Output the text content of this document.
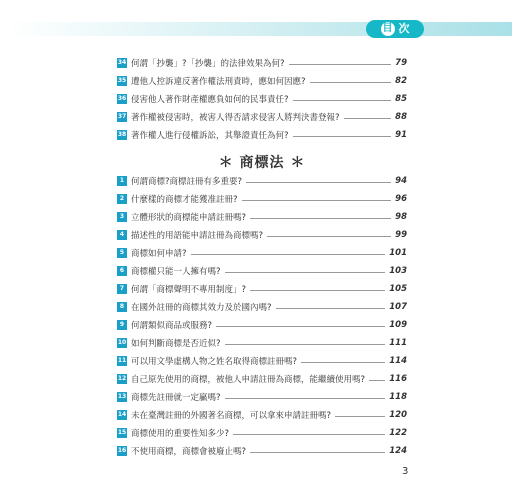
目 次
34 何謂「抄襲」?「抄襲」的法律效果為何?	79
35 遭他人控訴違反著作權法刑責時，應如何因應?	82
36 侵害他人著作財產權應負如何的民事責任?	85
37 著作權被侵害時，被害人得否請求侵害人將判決書登報?	88
38 著作權人進行侵權訴訟，其舉證責任為何?	91
＊ 商標法 ＊
1 何謂商標?商標註冊有多重要?	94
2 什麼樣的商標才能獲准註冊?	96
3 立體形狀的商標能申請註冊嗎?	98
4 描述性的用語能申請註冊為商標嗎?	99
5 商標如何申請?	101
6 商標權只能一人擁有嗎?	103
7 何謂「商標聲明不專用制度」?	105
8 在國外註冊的商標其效力及於國內嗎?	107
9 何謂類似商品或服務?	109
10 如何判斷商標是否近似?	111
11 可以用文學虛構人物之姓名取得商標註冊嗎?	114
12 自己原先使用的商標，被他人申請註冊為商標，能繼續使用嗎?	116
13 商標先註冊就一定贏嗎?	118
14 未在臺灣註冊的外國著名商標，可以拿來申請註冊嗎?	120
15 商標使用的重要性知多少?	122
16 不使用商標，商標會被廢止嗎?	124
3
